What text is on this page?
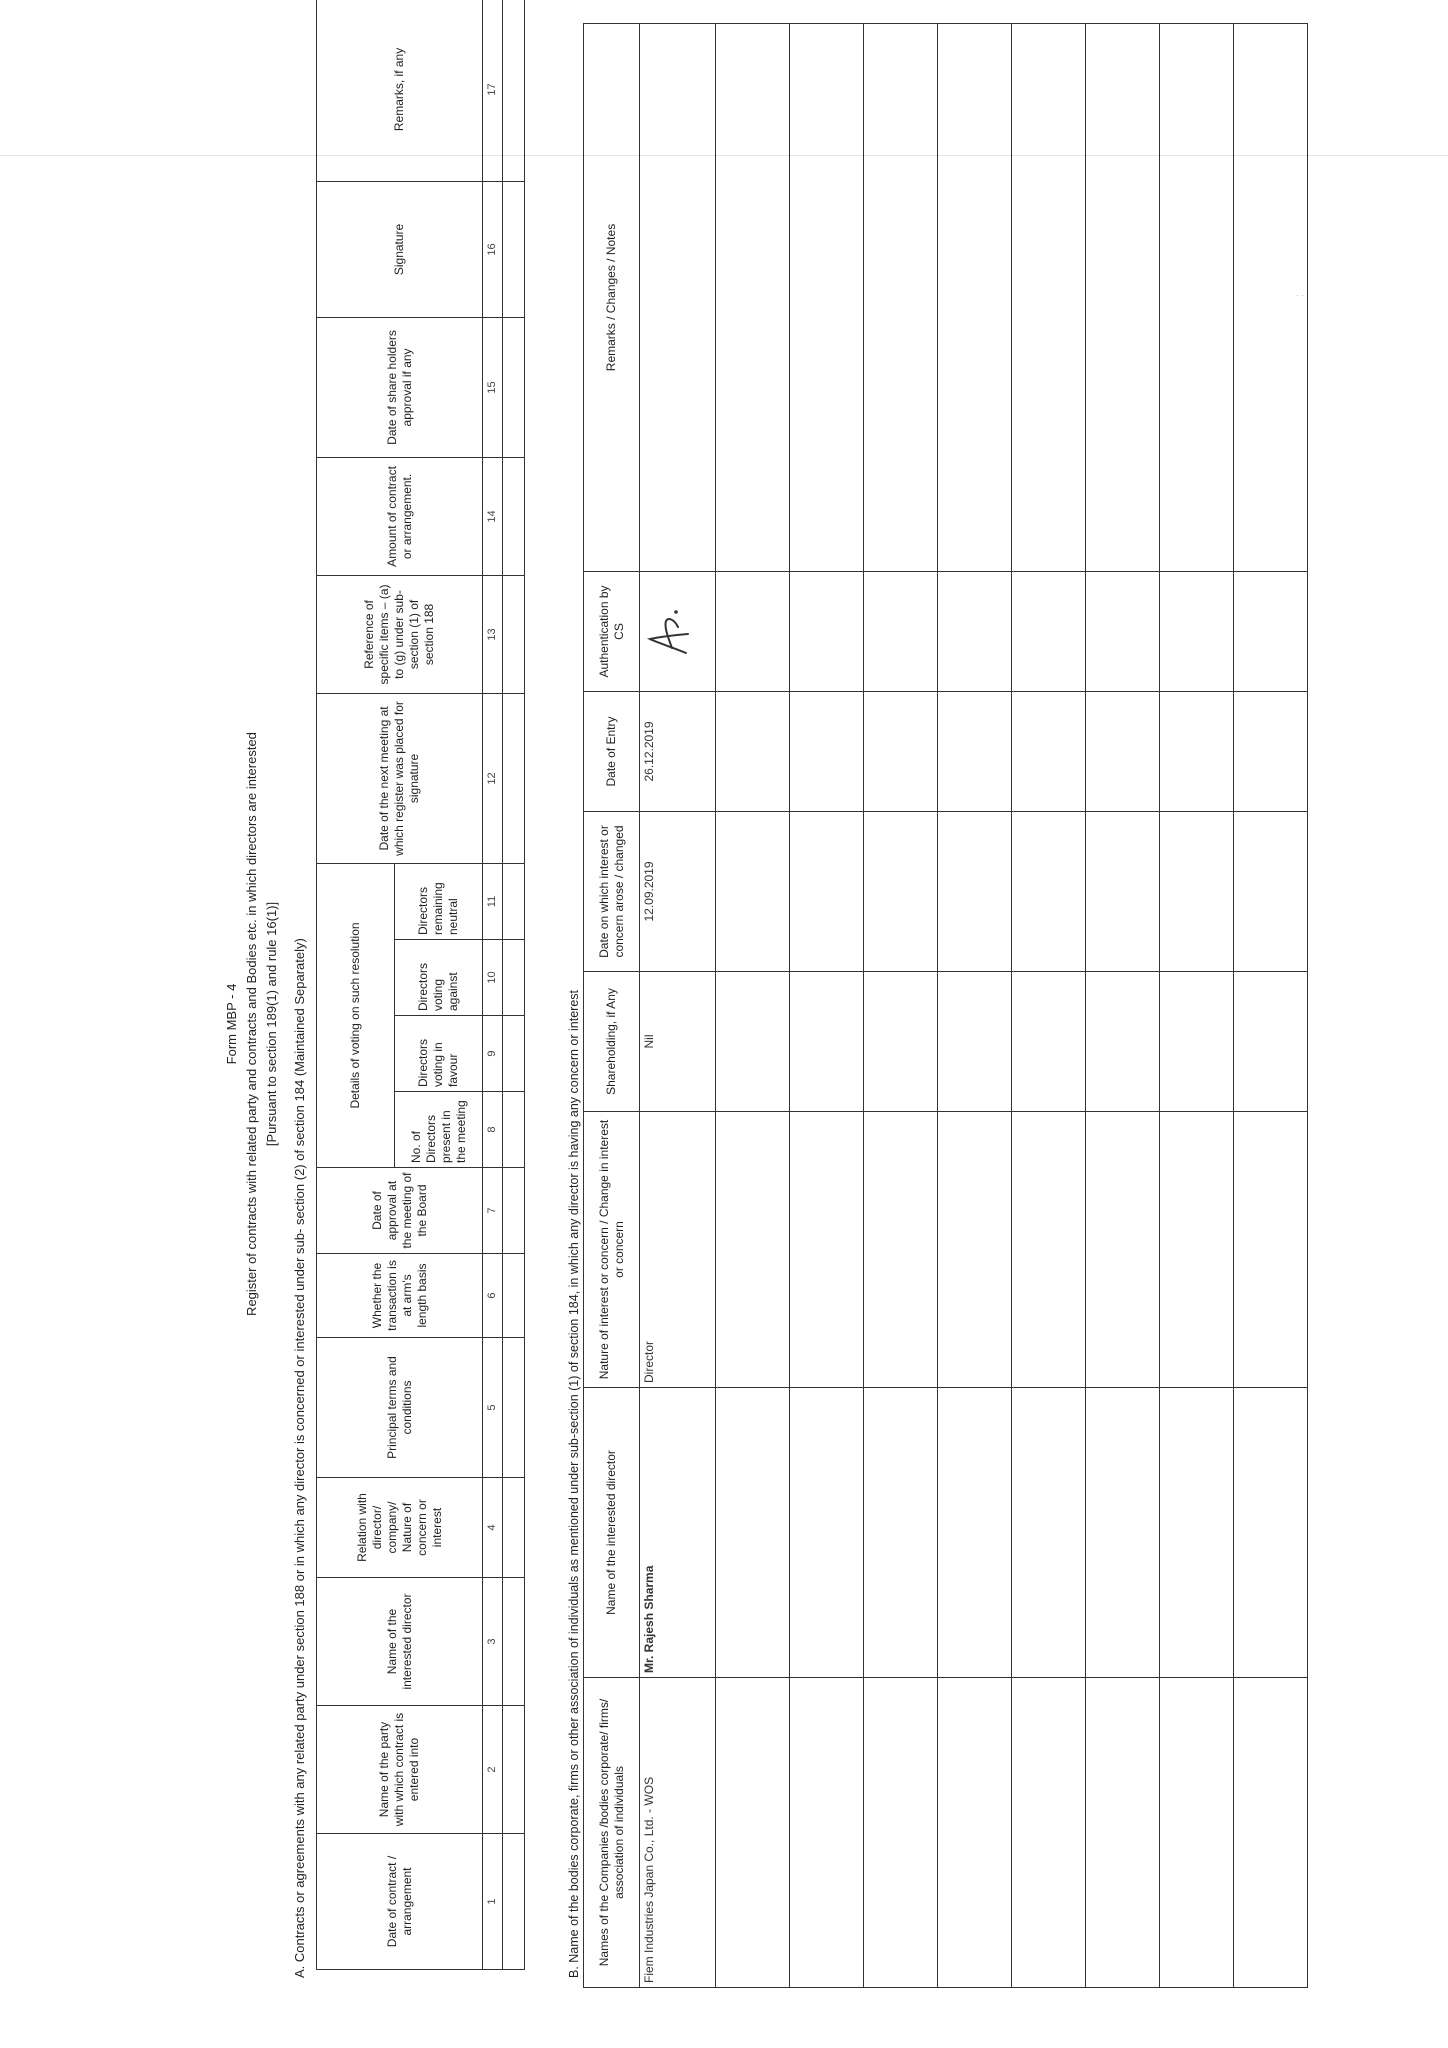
· ·
Form MBP - 4 Register of contracts with related party and contracts and Bodies etc. in which directors are interested [Pursuant to section 189(1) and rule 16(1)]
A. Contracts or agreements with any related party under section 188 or in which any director is concerned or interested under sub- section (2) of section 184 (Maintained Separately)
Date of contract / arrangement	Name of the party with which contract is entered into	Name of the interested director	Relation with director/ company/ Nature of concern or interest	Principal terms and conditions	Whether the transaction is at arm's length basis	Date of approval at the meeting of the Board	Details of voting on such resolution				Date of the next meeting at which register was placed for signature	Reference of specific items – (a) to (g) under sub-section (1) of section 188	Amount of contract or arrangement.	Date of share holders approval if any	Signature	Remarks, if any
							No. of Directors present in the meeting	Directors voting in favour	Directors voting against	Directors remaining neutral						
1	2	3	4	5	6	7	8	9	10	11	12	13	14	15	16	17

B. Name of the bodies corporate, firms or other association of individuals as mentioned under sub-section (1) of section 184, in which any director is having any concern or interest Names of the Companies /bodies corporate/ firms/ association of individuals	Name of the interested director	Nature of interest or concern / Change in interest or concern	Shareholding, if Any	Date on which interest or concern arose / changed	Date of Entry	Authentication by CS	Remarks / Changes / Notes
Fiem Industries Japan Co., Ltd. - WOS	Mr. Rajesh Sharma	Director	Nil	12.09.2019	26.12.2019		
